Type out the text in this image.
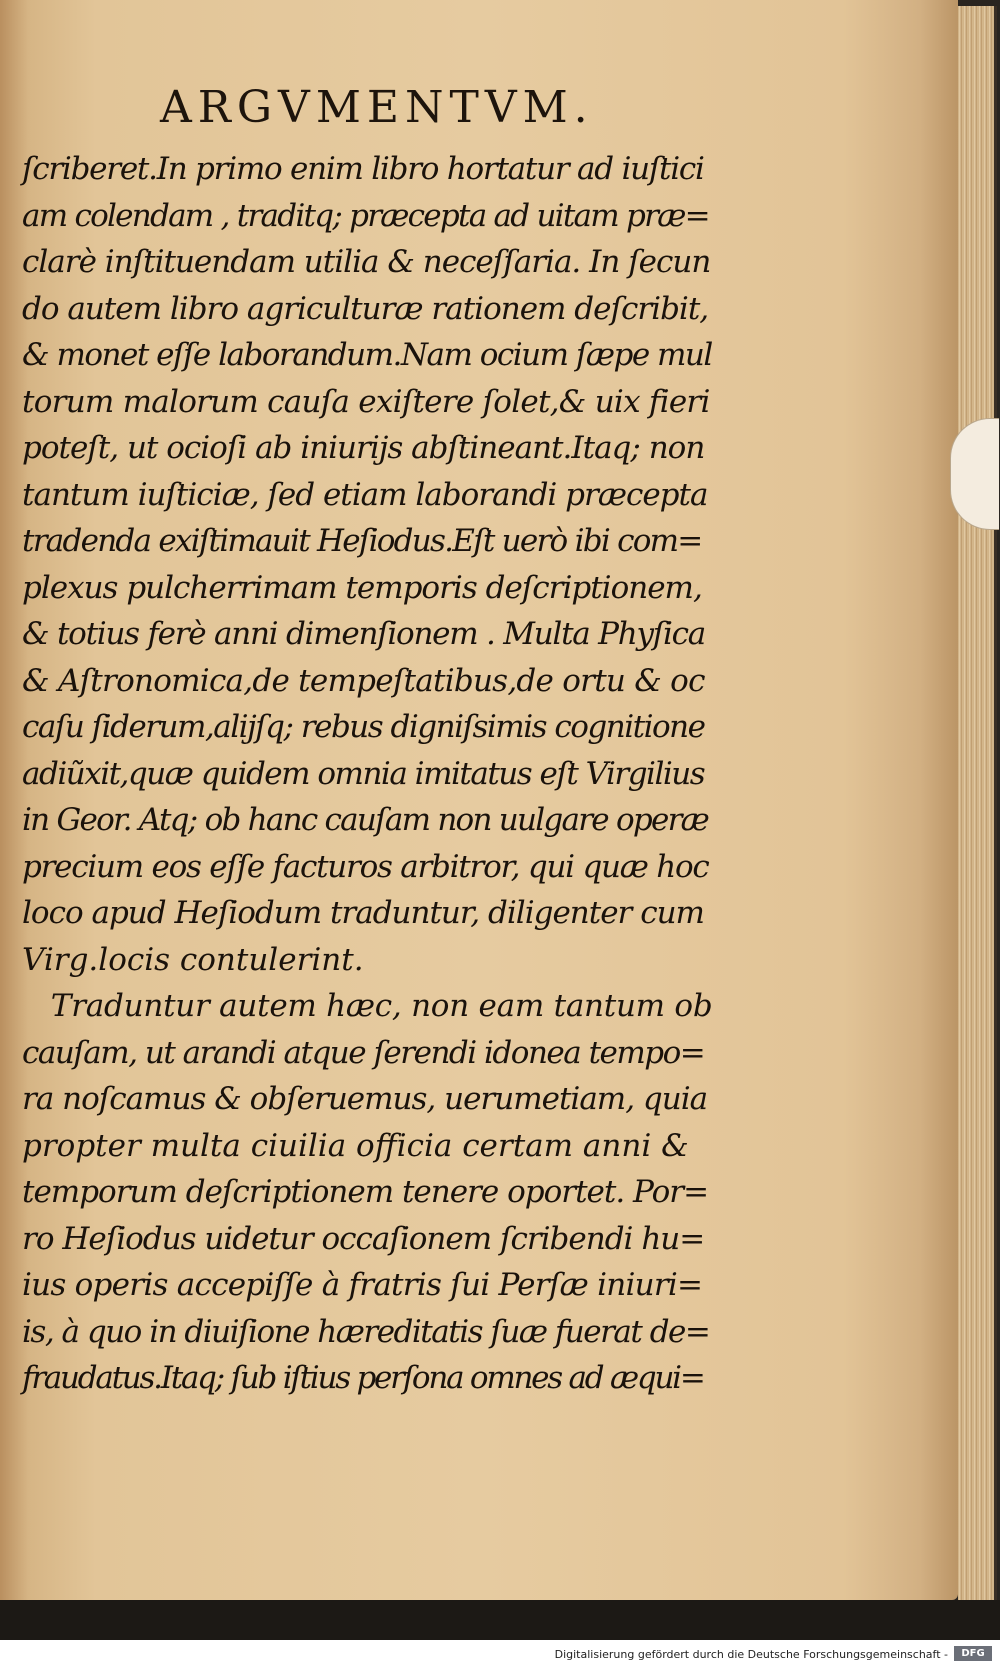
ARGVMENTVM.
ſcriberet.In primo enim libro hortatur ad iuſtici
am colendam , traditq; præcepta ad uitam præ=
clarè inſtituendam utilia & neceſſaria. In ſecun
do autem libro agriculturæ rationem deſcribit,
& monet eſſe laborandum.Nam ocium ſæpe mul
torum malorum cauſa exiſtere ſolet,& uix fieri
poteſt, ut ocioſi ab iniurijs abſtineant.Itaq; non
tantum iuſticiæ, ſed etiam laborandi præcepta
tradenda exiſtimauit Heſiodus.Eſt uerò ibi com=
plexus pulcherrimam temporis deſcriptionem,
& totius ferè anni dimenſionem . Multa Phyſica
& Aſtronomica,de tempeſtatibus,de ortu & oc
caſu ſiderum,alijſq; rebus digniſsimis cognitione
adiũxit,quæ quidem omnia imitatus eſt Virgilius
in Geor. Atq; ob hanc cauſam non uulgare operæ
precium eos eſſe facturos arbitror, qui quæ hoc
loco apud Heſiodum traduntur, diligenter cum
Virg.locis contulerint.
Traduntur autem hæc, non eam tantum ob
cauſam, ut arandi atque ſerendi idonea tempo=
ra noſcamus & obſeruemus, uerumetiam, quia
propter multa ciuilia officia certam anni &
temporum deſcriptionem tenere oportet. Por=
ro Heſiodus uidetur occaſionem ſcribendi hu=
ius operis accepiſſe à fratris ſui Perſæ iniuri=
is, à quo in diuiſione hæreditatis ſuæ fuerat de=
fraudatus.Itaq; ſub iſtius perſona omnes ad æqui=
Digitalisierung gefördert durch die Deutsche Forschungsgemeinschaft -	DFG
